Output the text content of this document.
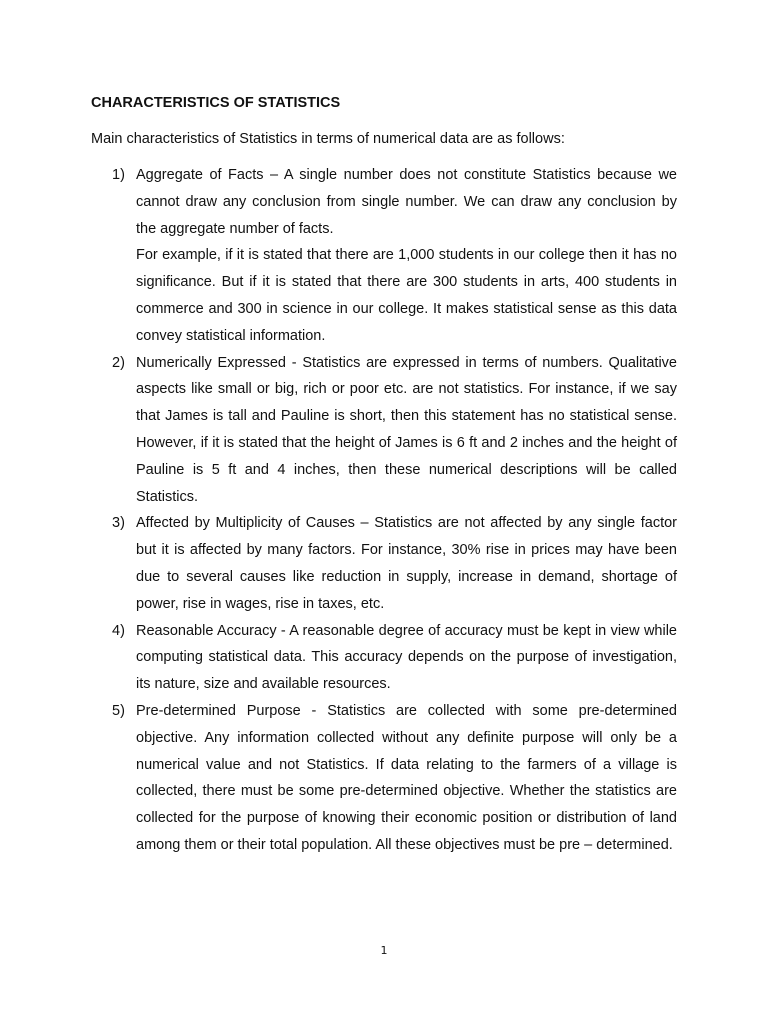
CHARACTERISTICS OF STATISTICS

Main characteristics of Statistics in terms of numerical data are as follows:

1) Aggregate of Facts – A single number does not constitute Statistics because we cannot draw any conclusion from single number. We can draw any conclusion by the aggregate number of facts.

For example, if it is stated that there are 1,000 students in our college then it has no significance. But if it is stated that there are 300 students in arts, 400 students in commerce and 300 in science in our college. It makes statistical sense as this data convey statistical information.

2) Numerically Expressed - Statistics are expressed in terms of numbers. Qualitative aspects like small or big, rich or poor etc. are not statistics. For instance, if we say that James is tall and Pauline is short, then this statement has no statistical sense. However, if it is stated that the height of James is 6 ft and 2 inches and the height of Pauline is 5 ft and 4 inches, then these numerical descriptions will be called Statistics.

3) Affected by Multiplicity of Causes – Statistics are not affected by any single factor but it is affected by many factors. For instance, 30% rise in prices may have been due to several causes like reduction in supply, increase in demand, shortage of power, rise in wages, rise in taxes, etc.

4) Reasonable Accuracy - A reasonable degree of accuracy must be kept in view while computing statistical data. This accuracy depends on the purpose of investigation, its nature, size and available resources.

5) Pre-determined Purpose - Statistics are collected with some pre-determined objective. Any information collected without any definite purpose will only be a numerical value and not Statistics. If data relating to the farmers of a village is collected, there must be some pre-determined objective. Whether the statistics are collected for the purpose of knowing their economic position or distribution of land among them or their total population. All these objectives must be pre – determined.

1
